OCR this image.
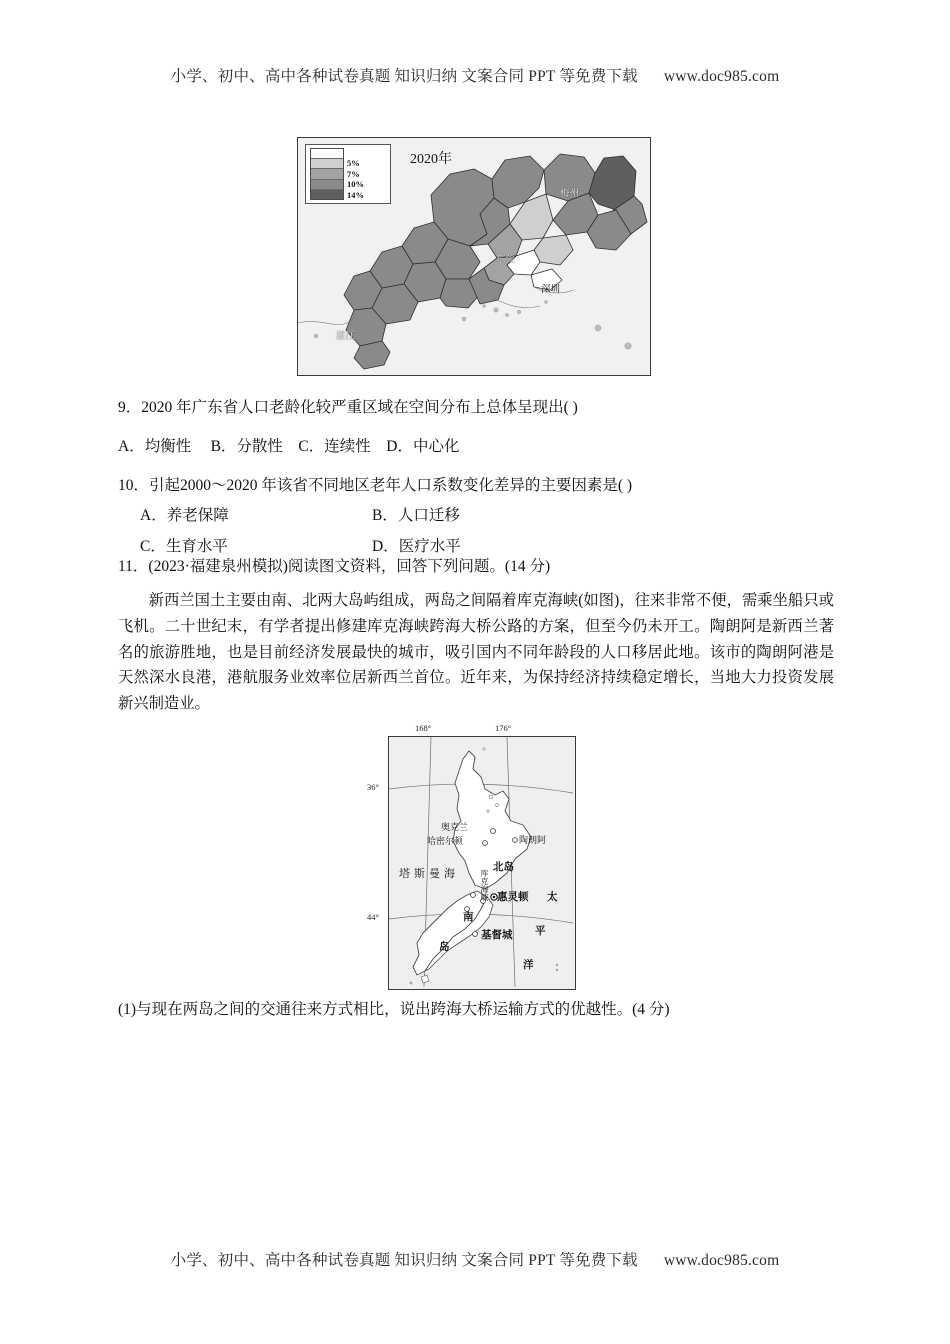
小学、初中、高中各种试卷真题 知识归纳 文案合同 PPT 等免费下载 www.doc985.com
5%
7%
10%
14%
2020年
梅州
东莞
深圳
湛江
9．2020 年广东省人口老龄化较严重区域在空间分布上总体呈现出( )
A．均衡性　 B．分散性　C．连续性　D．中心化
10．引起2000～2020 年该省不同地区老年人口系数变化差异的主要因素是( )
A．养老保障	B．人口迁移
C．生育水平	D．医疗水平
11．(2023·福建泉州模拟)阅读图文资料，回答下列问题。(14 分)
新西兰国土主要由南、北两大岛屿组成，两岛之间隔着库克海峡(如图)，往来非常不便，需乘坐船只或飞机。二十世纪末，有学者提出修建库克海峡跨海大桥公路的方案，但至今仍未开工。陶朗阿是新西兰著名的旅游胜地，也是目前经济发展最快的城市，吸引国内不同年龄段的人口移居此地。该市的陶朗阿港是天然深水良港，港航服务业效率位居新西兰首位。近年来，为保持经济持续稳定增长，当地大力投资发展新兴制造业。
168°	176°
36°
44°
奥克兰
哈密尔顿	陶朗阿
北岛
惠灵顿
基督城
南
岛
塔斯曼海	库克海峡	太
平
洋
(1)与现在两岛之间的交通往来方式相比，说出跨海大桥运输方式的优越性。(4 分)
小学、初中、高中各种试卷真题 知识归纳 文案合同 PPT 等免费下载 www.doc985.com
